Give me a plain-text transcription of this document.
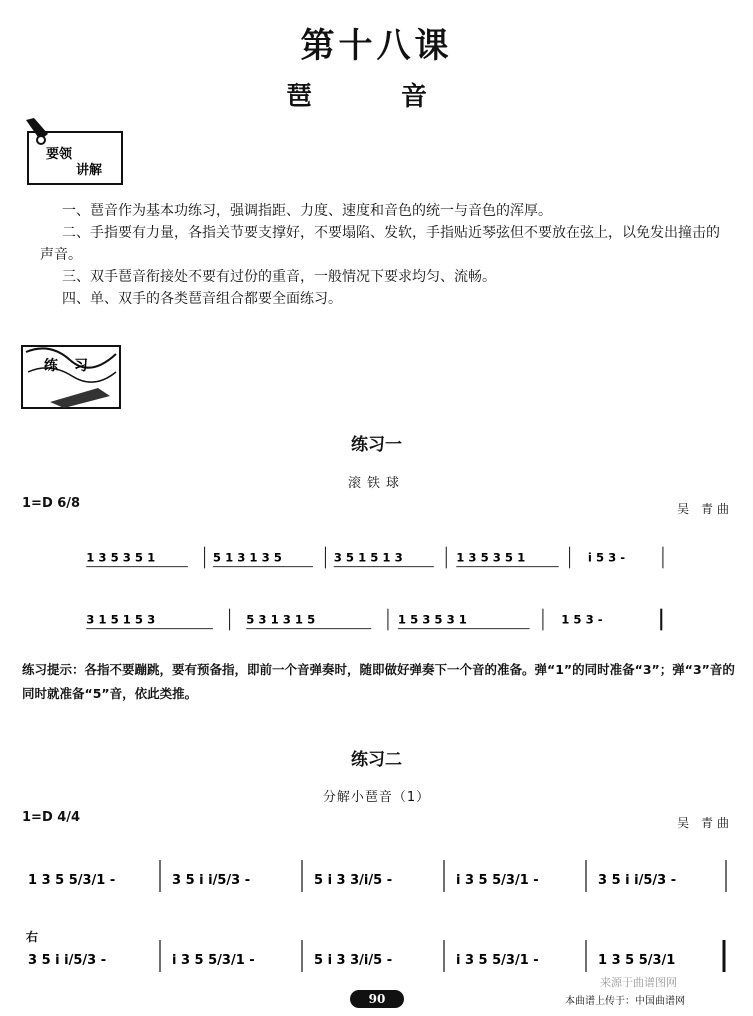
第十八课
琶 音
要领
讲解

一、琶音作为基本功练习，强调指距、力度、速度和音色的统一与音色的浑厚。

二、手指要有力量，各指关节要支撑好，不要塌陷、发软，手指贴近琴弦但不要放在弦上，以免发出撞击的声音。

三、双手琶音衔接处不要有过份的重音，一般情况下要求均匀、流畅。

四、单、双手的各类琶音组合都要全面练习。

练 习
练习一
滚铁球
1=D 6/8	吴 青曲
1 3 5 3 5 1	5 1 3 1 3 5	3 5 1 5 1 3	1 3 5 3 5 1	i 5 3 -
3 1 5 1 5 3	5 3 1 3 1 5	1 5 3 5 3 1	1 5 3 -
练习提示：各指不要蹦跳，要有预备指，即前一个音弹奏时，随即做好弹奏下一个音的准备。弹“1”的同时准备“3”；弹“3”音的同时就准备“5”音，依此类推。
练习二
分解小琶音（1）
1=D 4/4	吴 青曲
1 3 5 5/3/1 -	3 5 i i/5/3 -	5 i 3 3/i/5 -	i 3 5 5/3/1 -	3 5 i i/5/3 -
右
3 5 i i/5/3 -	i 3 5 5/3/1 -	5 i 3 3/i/5 -	i 3 5 5/3/1 -	1 3 5 5/3/1
90
来源于曲谱图网
本曲谱上传于：中国曲谱网
